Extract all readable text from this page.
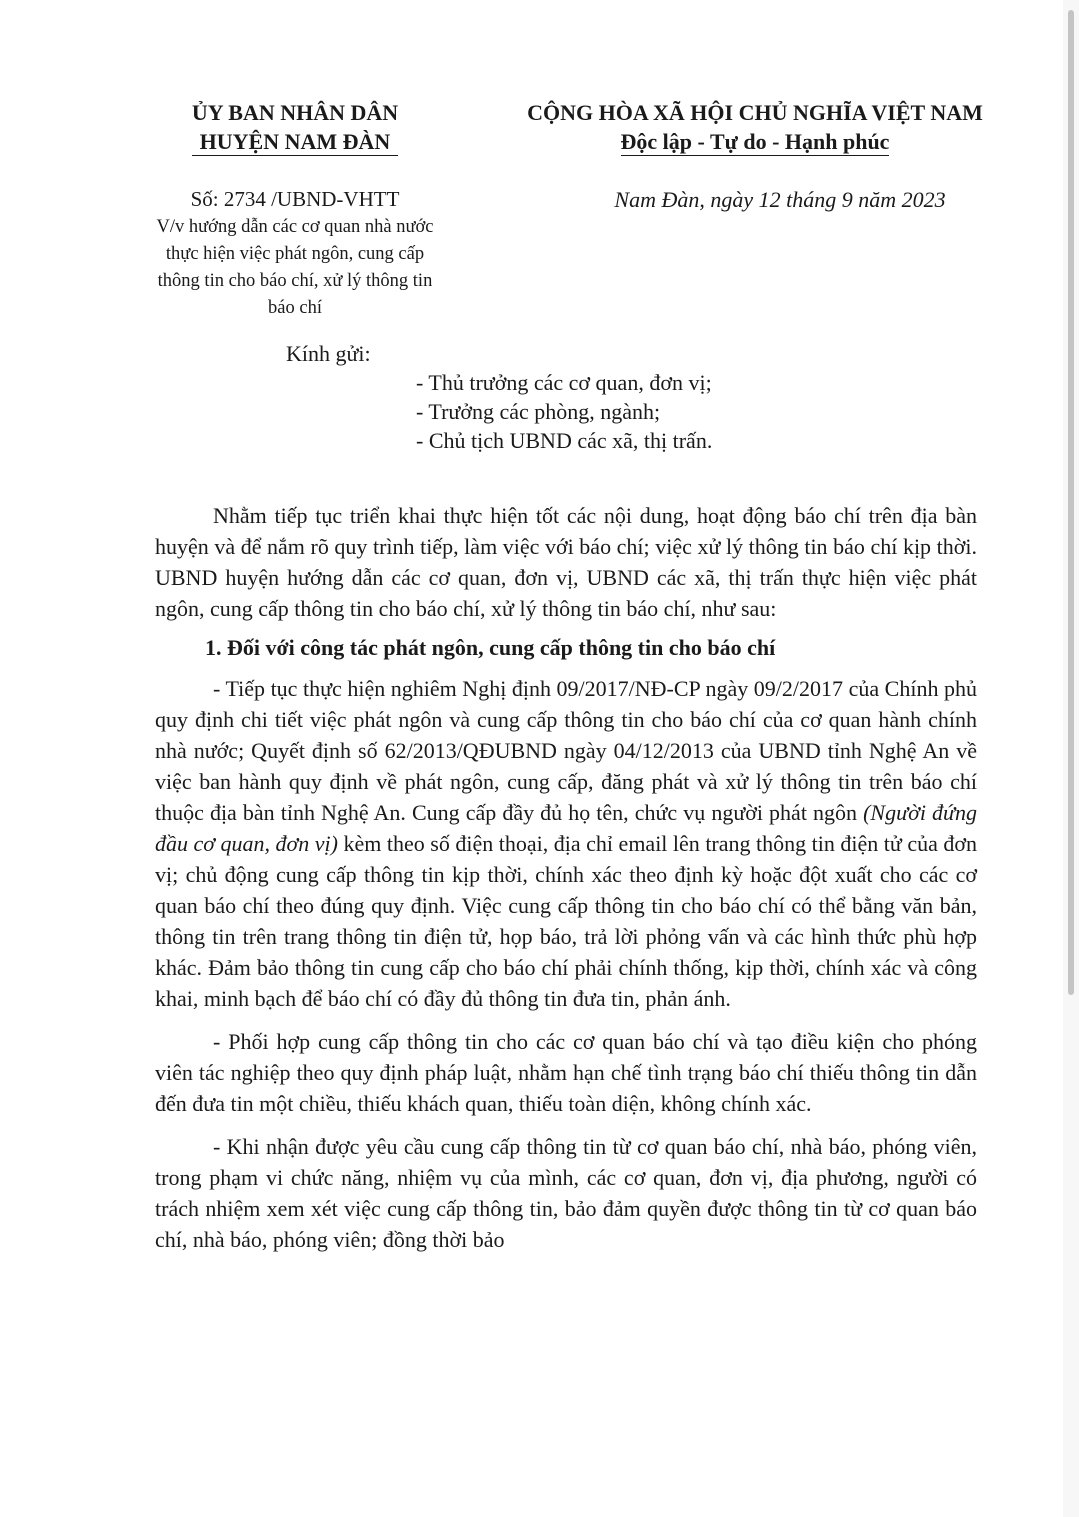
ỦY BAN NHÂN DÂN
HUYỆN NAM ĐÀN
CỘNG HÒA XÃ HỘI CHỦ NGHĨA VIỆT NAM
Độc lập - Tự do - Hạnh phúc
Số: 2734 /UBND-VHTT
V/v hướng dẫn các cơ quan nhà nước
thực hiện việc phát ngôn, cung cấp
thông tin cho báo chí, xử lý thông tin
báo chí
Nam Đàn, ngày 12 tháng 9 năm 2023
Kính gửi:
- Thủ trưởng các cơ quan, đơn vị;
- Trưởng các phòng, ngành;
- Chủ tịch UBND các xã, thị trấn.

Nhằm tiếp tục triển khai thực hiện tốt các nội dung, hoạt động báo chí trên địa bàn huyện và để nắm rõ quy trình tiếp, làm việc với báo chí; việc xử lý thông tin báo chí kịp thời. UBND huyện hướng dẫn các cơ quan, đơn vị, UBND các xã, thị trấn thực hiện việc phát ngôn, cung cấp thông tin cho báo chí, xử lý thông tin báo chí, như sau:

1. Đối với công tác phát ngôn, cung cấp thông tin cho báo chí

- Tiếp tục thực hiện nghiêm Nghị định 09/2017/NĐ-CP ngày 09/2/2017 của Chính phủ quy định chi tiết việc phát ngôn và cung cấp thông tin cho báo chí của cơ quan hành chính nhà nước; Quyết định số 62/2013/QĐUBND ngày 04/12/2013 của UBND tỉnh Nghệ An về việc ban hành quy định về phát ngôn, cung cấp, đăng phát và xử lý thông tin trên báo chí thuộc địa bàn tỉnh Nghệ An. Cung cấp đầy đủ họ tên, chức vụ người phát ngôn (Người đứng đầu cơ quan, đơn vị) kèm theo số điện thoại, địa chỉ email lên trang thông tin điện tử của đơn vị; chủ động cung cấp thông tin kịp thời, chính xác theo định kỳ hoặc đột xuất cho các cơ quan báo chí theo đúng quy định. Việc cung cấp thông tin cho báo chí có thể bằng văn bản, thông tin trên trang thông tin điện tử, họp báo, trả lời phỏng vấn và các hình thức phù hợp khác. Đảm bảo thông tin cung cấp cho báo chí phải chính thống, kịp thời, chính xác và công khai, minh bạch để báo chí có đầy đủ thông tin đưa tin, phản ánh.

- Phối hợp cung cấp thông tin cho các cơ quan báo chí và tạo điều kiện cho phóng viên tác nghiệp theo quy định pháp luật, nhằm hạn chế tình trạng báo chí thiếu thông tin dẫn đến đưa tin một chiều, thiếu khách quan, thiếu toàn diện, không chính xác.

- Khi nhận được yêu cầu cung cấp thông tin từ cơ quan báo chí, nhà báo, phóng viên, trong phạm vi chức năng, nhiệm vụ của mình, các cơ quan, đơn vị, địa phương, người có trách nhiệm xem xét việc cung cấp thông tin, bảo đảm quyền được thông tin từ cơ quan báo chí, nhà báo, phóng viên; đồng thời bảo
